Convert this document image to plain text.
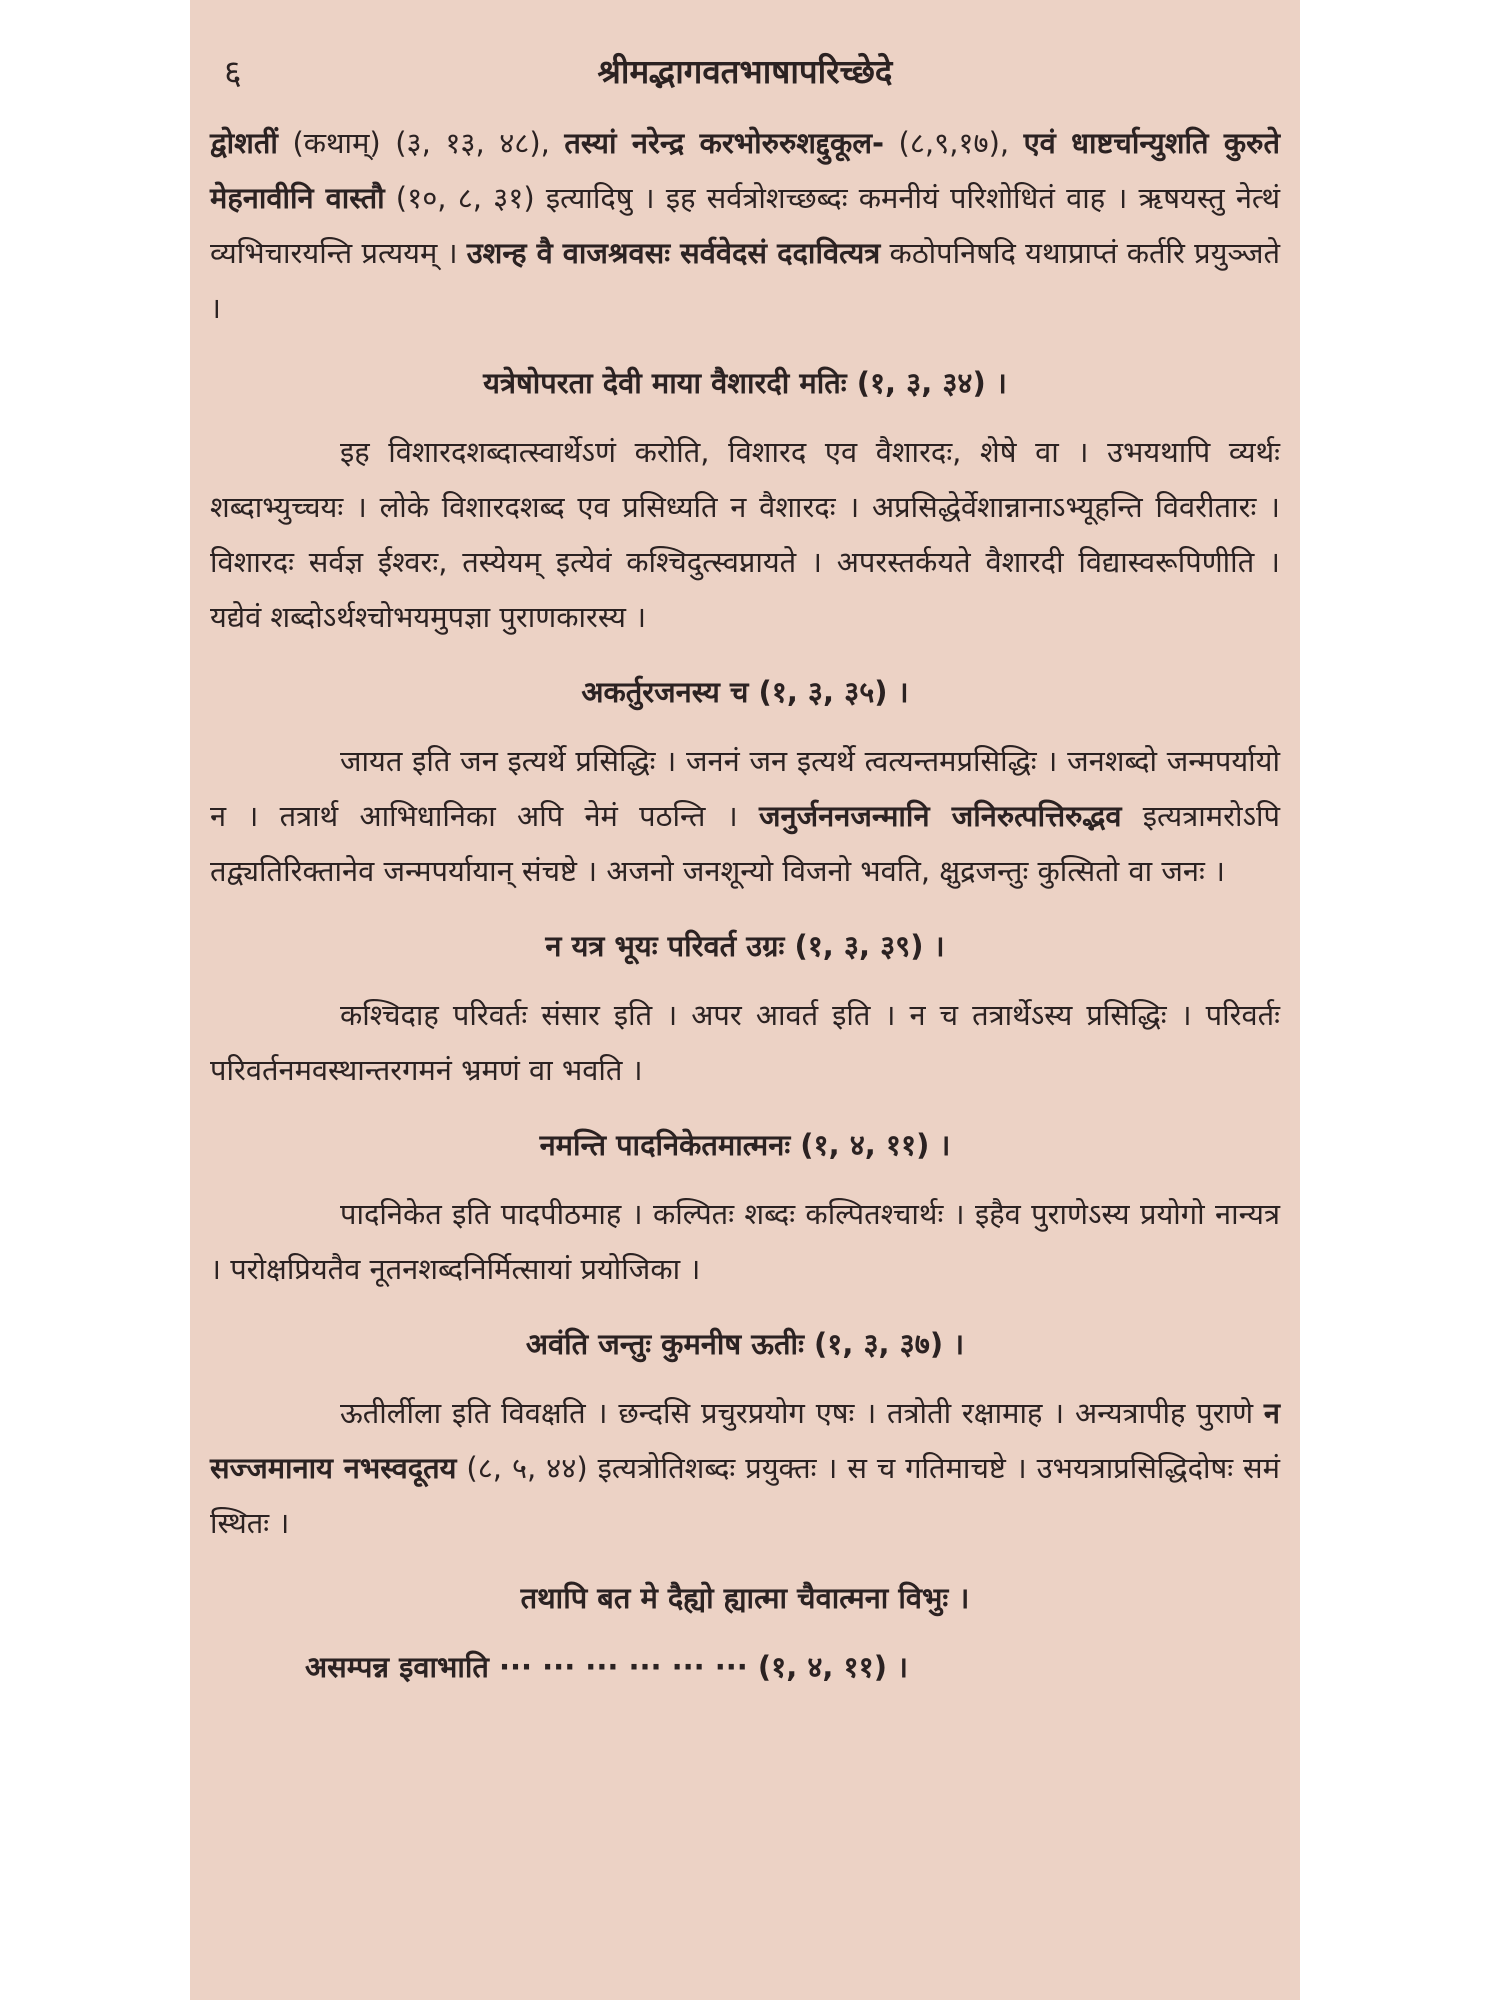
६	श्रीमद्भागवतभाषापरिच्छेदे

द्वोशतीं (कथाम्) (३, १३, ४८), तस्यां नरेन्द्र करभोरुरुशद्दुकूल- (८,९,१७), एवं धाष्टर्चान्युशति कुरुते मेहनावीनि वास्तौ (१०, ८, ३१) इत्यादिषु । इह सर्वत्रोशच्छब्दः कमनीयं परिशोधितं वाह । ऋषयस्तु नेत्थं व्यभिचारयन्ति प्रत्ययम् । उशन्ह वै वाजश्रवसः सर्ववेदसं ददावित्यत्र कठोपनिषदि यथाप्राप्तं कर्तरि प्रयुञ्जते ।

यत्रेषोपरता देवी माया वैशारदी मतिः (१, ३, ३४) ।

इह विशारदशब्दात्स्वार्थेऽणं करोति, विशारद एव वैशारदः, शेषे वा । उभयथापि व्यर्थः शब्दाभ्युच्चयः । लोके विशारदशब्द एव प्रसिध्यति न वैशारदः । अप्रसिद्धेर्वेशान्नानाऽभ्यूहन्ति विवरीतारः । विशारदः सर्वज्ञ ईश्वरः, तस्येयम् इत्येवं कश्चिदुत्स्वप्नायते । अपरस्तर्कयते वैशारदी विद्यास्वरूपिणीति । यद्येवं शब्दोऽर्थश्चोभयमुपज्ञा पुराणकारस्य ।

अकर्तुरजनस्य च (१, ३, ३५) ।

जायत इति जन इत्यर्थे प्रसिद्धिः । जननं जन इत्यर्थे त्वत्यन्तमप्रसिद्धिः । जनशब्दो जन्मपर्यायो न । तत्रार्थ आभिधानिका अपि नेमं पठन्ति । जनुर्जननजन्मानि जनिरुत्पत्तिरुद्भव इत्यत्रामरोऽपि तद्व्यतिरिक्तानेव जन्मपर्यायान् संचष्टे । अजनो जनशून्यो विजनो भवति, क्षुद्रजन्तुः कुत्सितो वा जनः ।

न यत्र भूयः परिवर्त उग्रः (१, ३, ३९) ।

कश्चिदाह परिवर्तः संसार इति । अपर आवर्त इति । न च तत्रार्थेऽस्य प्रसिद्धिः । परिवर्तः परिवर्तनमवस्थान्तरगमनं भ्रमणं वा भवति ।

नमन्ति पादनिकेतमात्मनः (१, ४, ११) ।

पादनिकेत इति पादपीठमाह । कल्पितः शब्दः कल्पितश्चार्थः । इहैव पुराणेऽस्य प्रयोगो नान्यत्र । परोक्षप्रियतैव नूतनशब्दनिर्मित्सायां प्रयोजिका ।

अवंति जन्तुः कुमनीष ऊतीः (१, ३, ३७) ।

ऊतीर्लीला इति विवक्षति । छन्दसि प्रचुरप्रयोग एषः । तत्रोती रक्षामाह । अन्यत्रापीह पुराणे न सज्जमानाय नभस्वदूतय (८, ५, ४४) इत्यत्रोतिशब्दः प्रयुक्तः । स च गतिमाचष्टे । उभयत्राप्रसिद्धिदोषः समं स्थितः ।

तथापि बत मे दैह्यो ह्यात्मा चैवात्मना विभुः ।
असम्पन्न इवाभाति ··· ··· ··· ··· ··· ··· (१, ४, ११) ।
